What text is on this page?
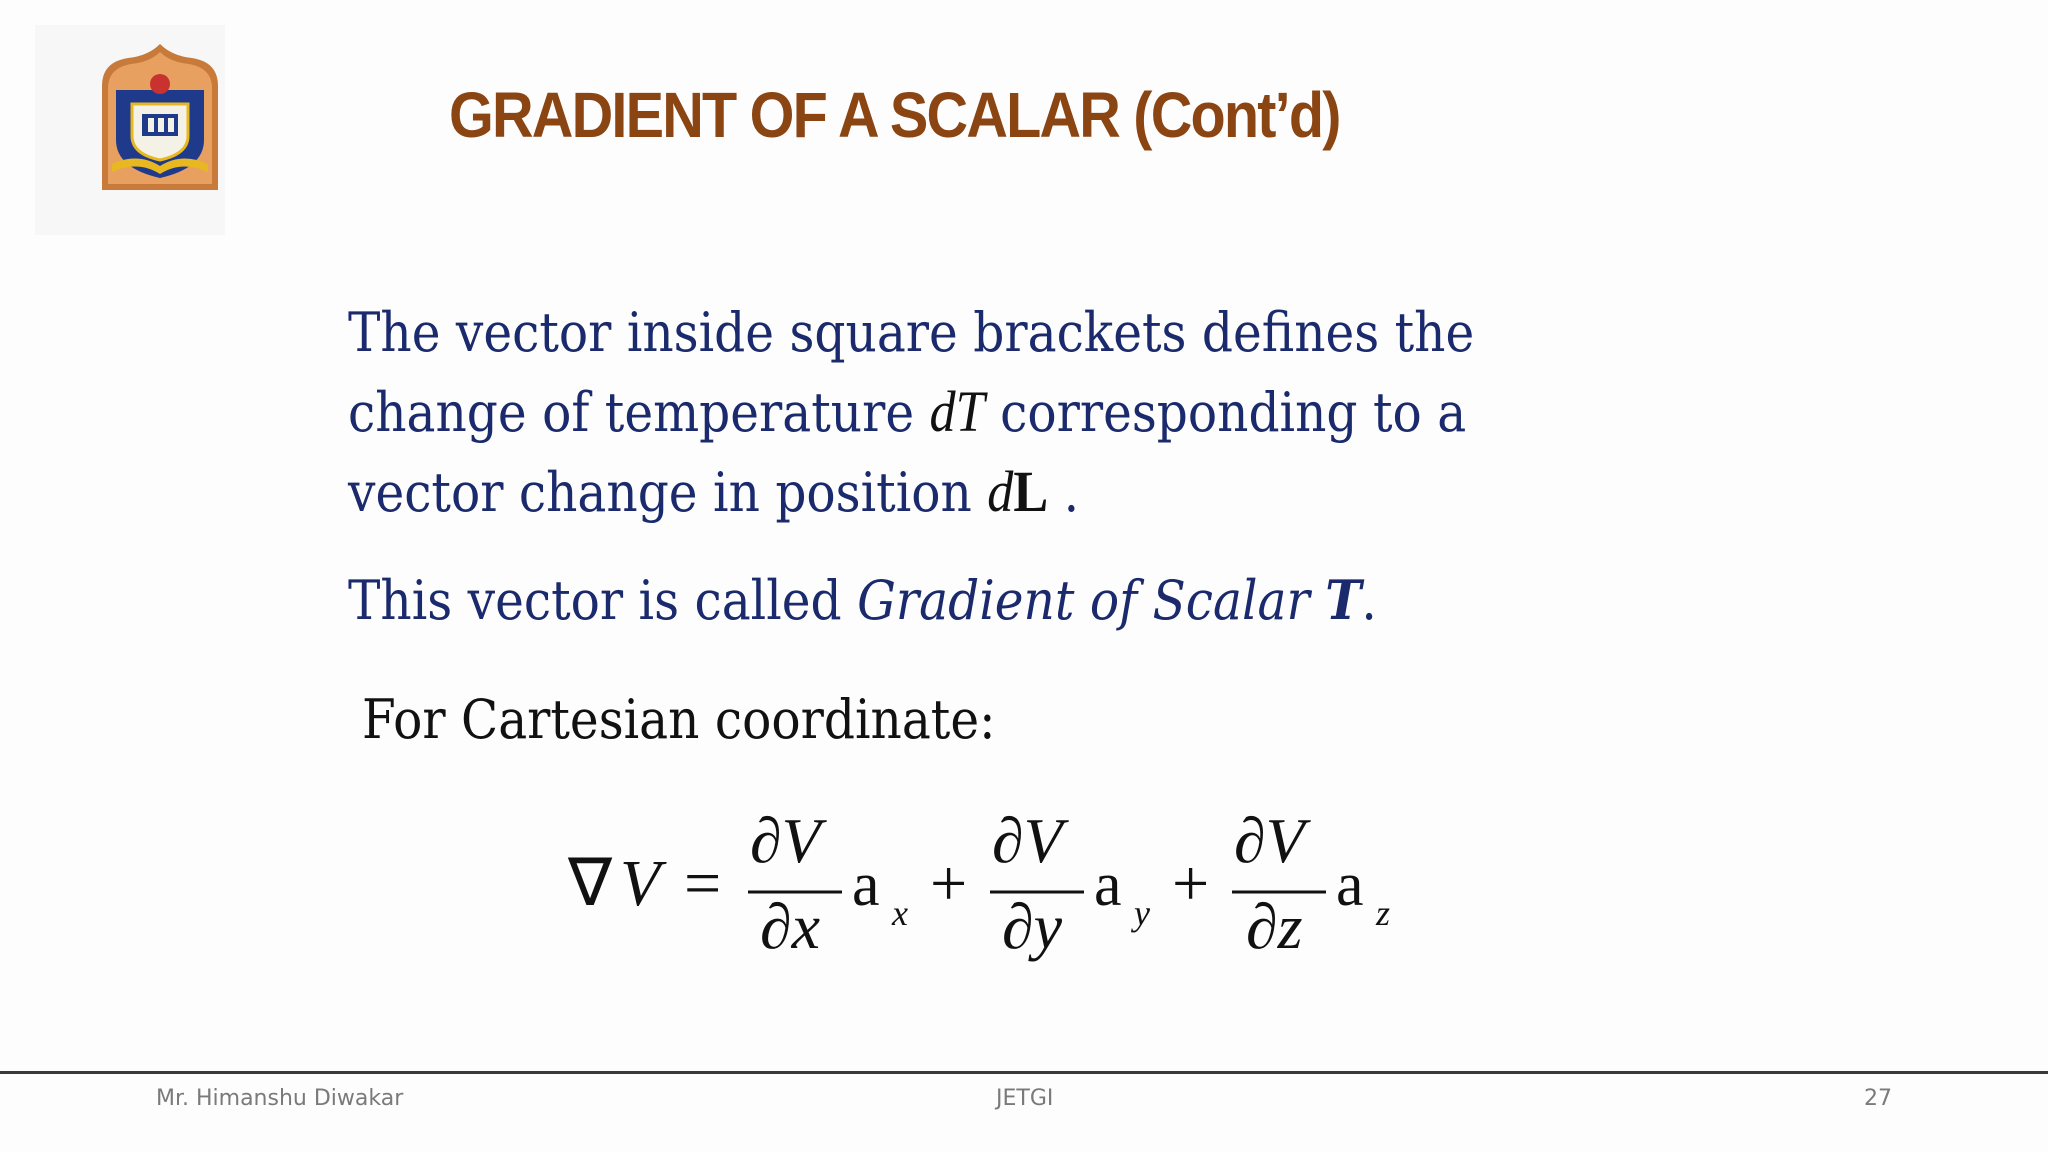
GRADIENT OF A SCALAR (Cont’d)

The vector inside square brackets defines the
change of temperature dT corresponding to a
vector change in position dL .

This vector is called Gradient of Scalar T.

For Cartesian coordinate:

∇ V =
∂V
∂x
a x +
∂V
∂y
a y +
∂V
∂z
a z

Mr. Himanshu Diwakar	JETGI	27
